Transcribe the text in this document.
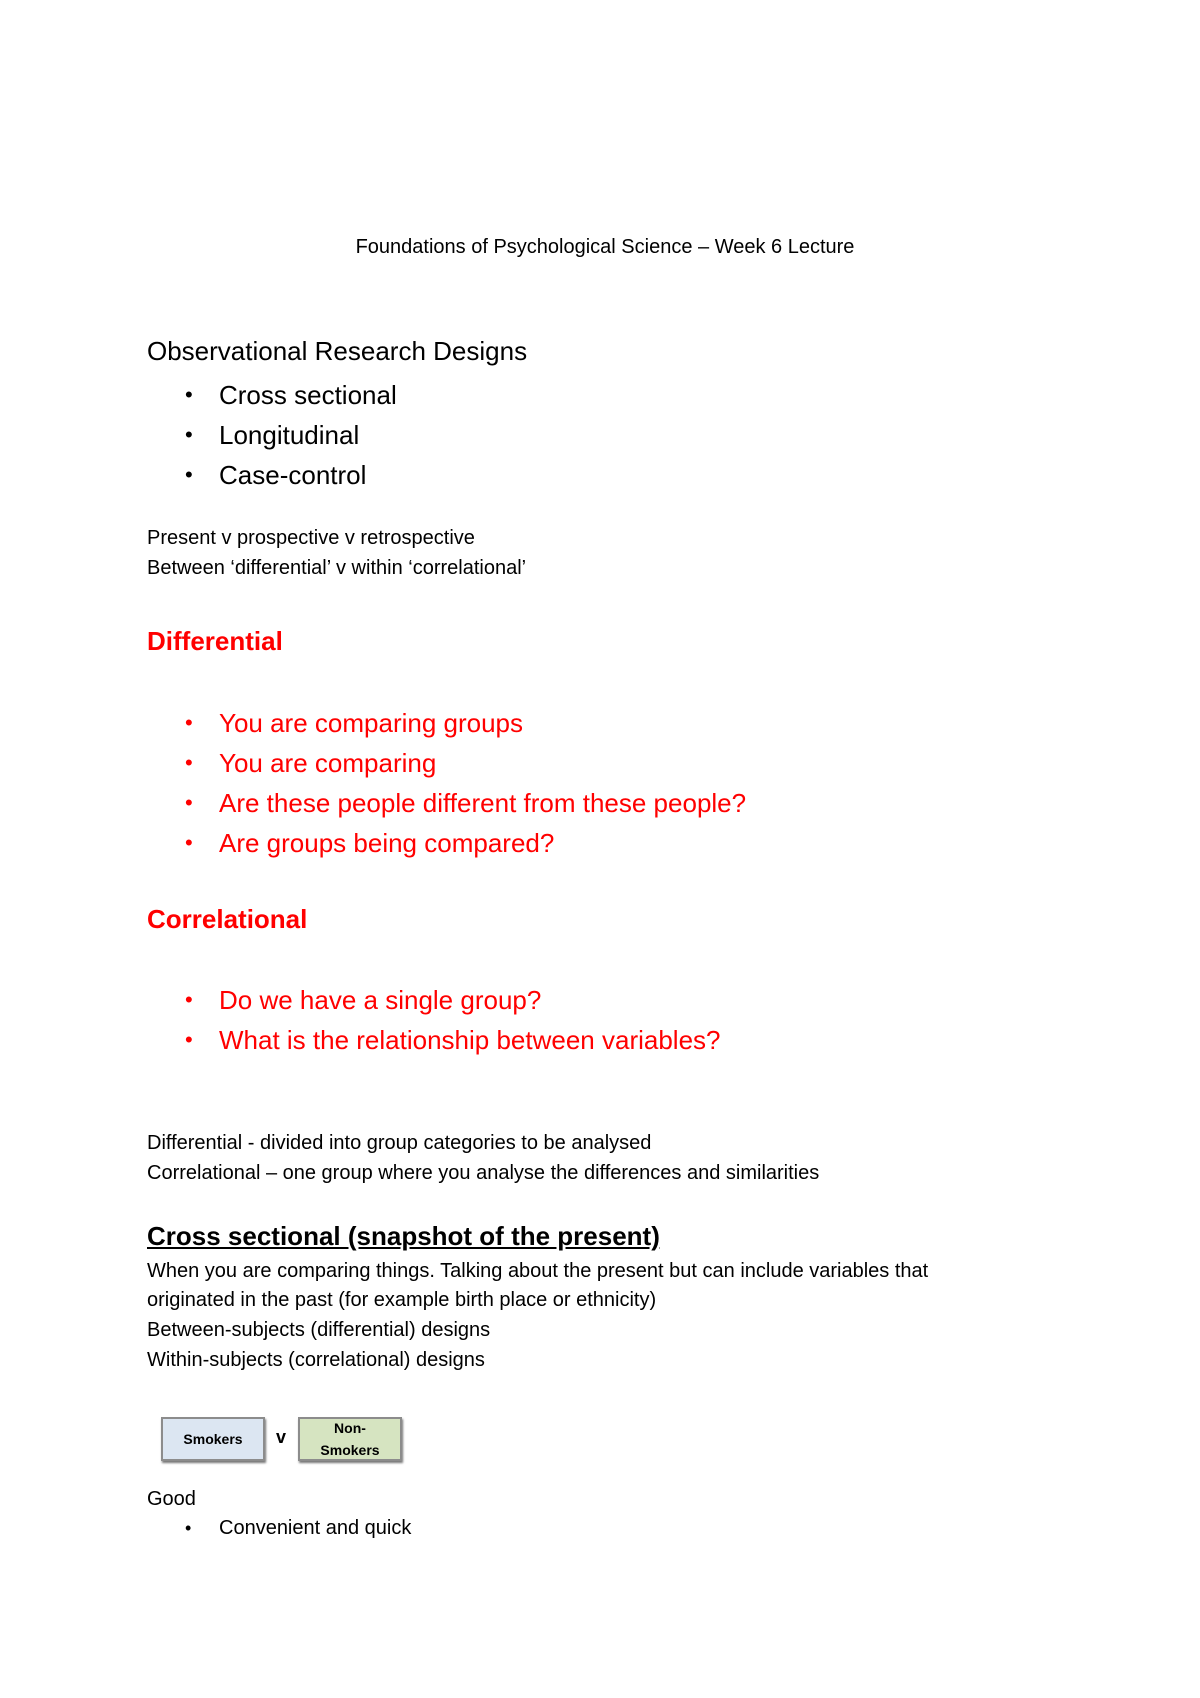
Foundations of Psychological Science – Week 6 Lecture
Observational Research Designs
• Cross sectional
• Longitudinal
• Case-control

Present v prospective v retrospective

Between ‘differential’ v within ‘correlational’

Differential
• You are comparing groups
• You are comparing
• Are these people different from these people?
• Are groups being compared?
Correlational
• Do we have a single group?
• What is the relationship between variables?

Differential - divided into group categories to be analysed

Correlational – one group where you analyse the differences and similarities

Cross sectional (snapshot of the present)

When you are comparing things. Talking about the present but can include variables that

originated in the past (for example birth place or ethnicity)

Between-subjects (differential) designs

Within-subjects (correlational) designs

Smokers	v	Non-
Smokers

Good

• Convenient and quick
